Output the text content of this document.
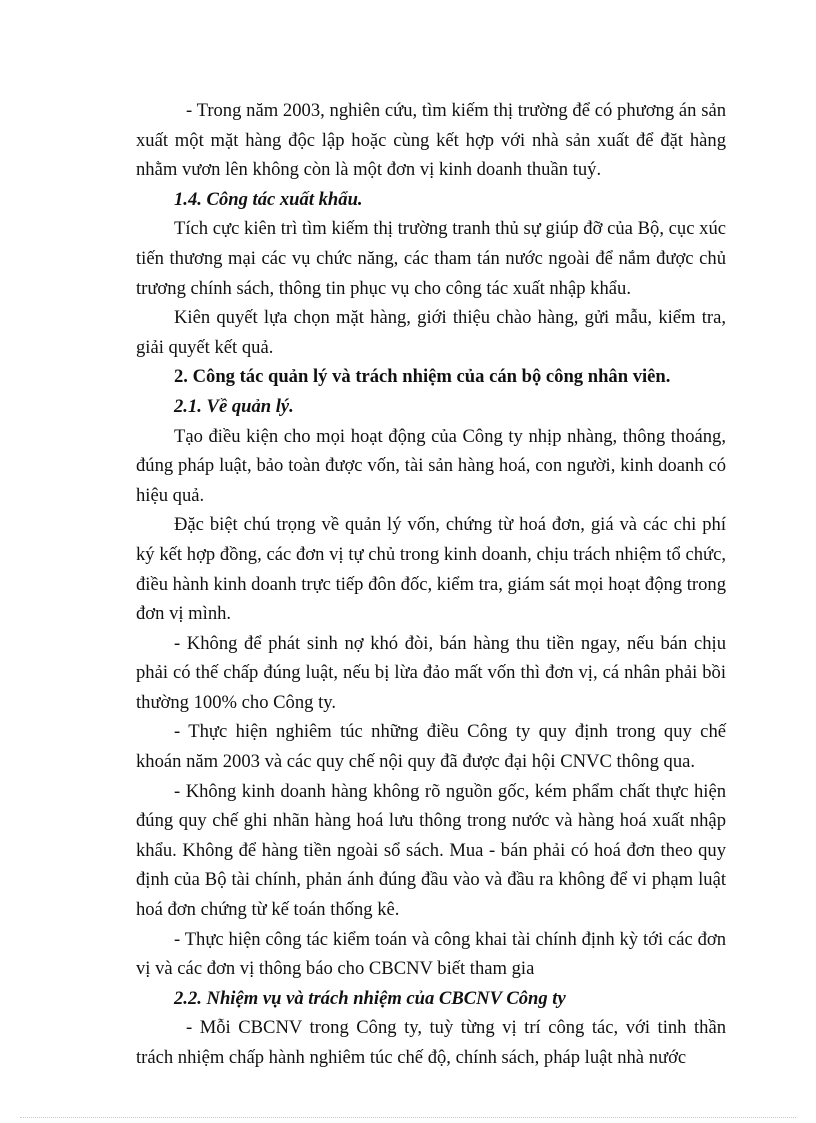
- Trong năm 2003, nghiên cứu, tìm kiếm thị trường để có phương án sản xuất một mặt hàng độc lập hoặc cùng kết hợp với nhà sản xuất để đặt hàng nhằm vươn lên không còn là một đơn vị kinh doanh thuần tuý.

1.4. Công tác xuất khẩu.

Tích cực kiên trì tìm kiếm thị trường tranh thủ sự giúp đỡ của Bộ, cục xúc tiến thương mại các vụ chức năng, các tham tán nước ngoài để nắm được chủ trương chính sách, thông tin phục vụ cho công tác xuất nhập khẩu.

Kiên quyết lựa chọn mặt hàng, giới thiệu chào hàng, gửi mẫu, kiểm tra, giải quyết kết quả.

2. Công tác quản lý và trách nhiệm của cán bộ công nhân viên.

2.1. Về quản lý.

Tạo điều kiện cho mọi hoạt động của Công ty nhịp nhàng, thông thoáng, đúng pháp luật, bảo toàn được vốn, tài sản hàng hoá, con người, kinh doanh có hiệu quả.

Đặc biệt chú trọng về quản lý vốn, chứng từ hoá đơn, giá và các chi phí ký kết hợp đồng, các đơn vị tự chủ trong kinh doanh, chịu trách nhiệm tổ chức, điều hành kinh doanh trực tiếp đôn đốc, kiểm tra, giám sát mọi hoạt động trong đơn vị mình.

- Không để phát sinh nợ khó đòi, bán hàng thu tiền ngay, nếu bán chịu phải có thế chấp đúng luật, nếu bị lừa đảo mất vốn thì đơn vị, cá nhân phải bồi thường 100% cho Công ty.

- Thực hiện nghiêm túc những điều Công ty quy định trong quy chế khoán năm 2003 và các quy chế nội quy đã được đại hội CNVC thông qua.

- Không kinh doanh hàng không rõ nguồn gốc, kém phẩm chất thực hiện đúng quy chế ghi nhãn hàng hoá lưu thông trong nước và hàng hoá xuất nhập khẩu. Không để hàng tiền ngoài sổ sách. Mua - bán phải có hoá đơn theo quy định của Bộ tài chính, phản ánh đúng đầu vào và đầu ra không để vi phạm luật hoá đơn chứng từ kế toán thống kê.

- Thực hiện công tác kiểm toán và công khai tài chính định kỳ tới các đơn vị và các đơn vị thông báo cho CBCNV biết tham gia

2.2. Nhiệm vụ và trách nhiệm của CBCNV Công ty

- Mỗi CBCNV trong Công ty, tuỳ từng vị trí công tác, với tinh thần trách nhiệm chấp hành nghiêm túc chế độ, chính sách, pháp luật nhà nước
